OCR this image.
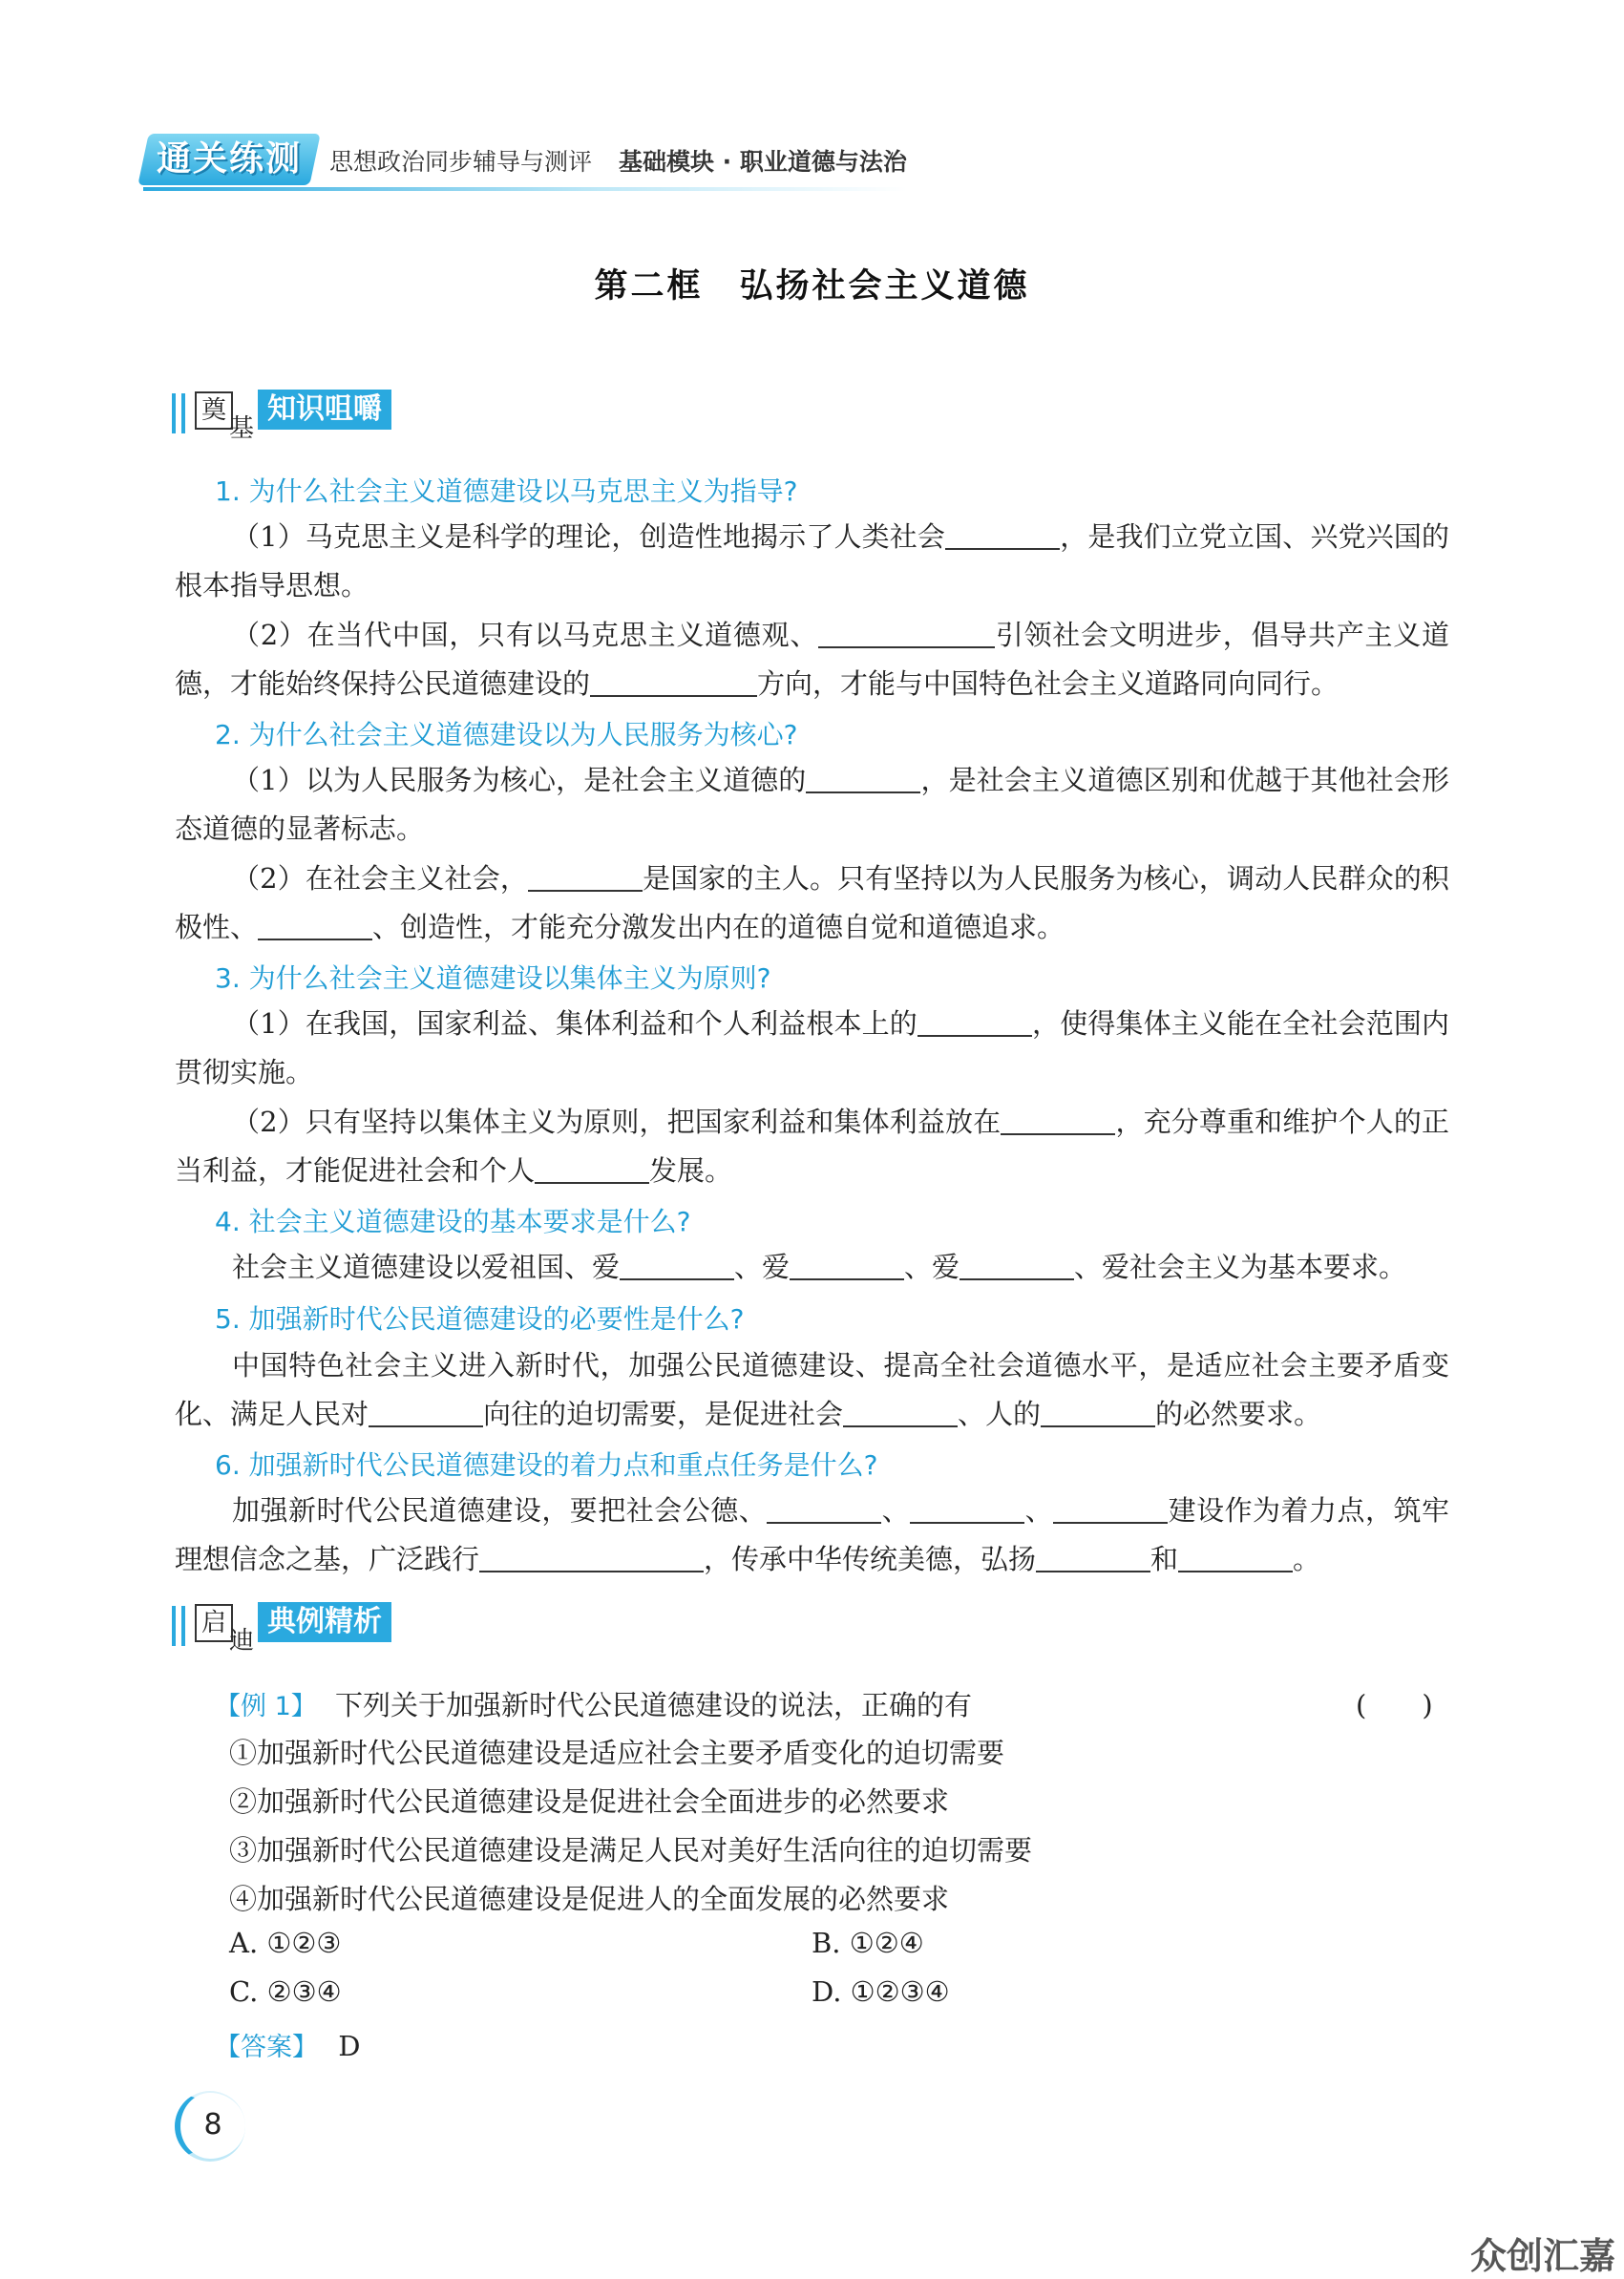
通关练测	思想政治同步辅导与测评 基础模块 · 职业道德与法治
第二框　弘扬社会主义道德
奠
基
知识咀嚼
1. 为什么社会主义道德建设以马克思主义为指导?
（1）马克思主义是科学的理论，创造性地揭示了人类社会	，是我们立党立国、兴党兴国的根本指导思想。
（2）在当代中国，只有以马克思主义道德观、	引领社会文明进步，倡导共产主义道德，才能始终保持公民道德建设的	方向，才能与中国特色社会主义道路同向同行。
2. 为什么社会主义道德建设以为人民服务为核心?
（1）以为人民服务为核心，是社会主义道德的	，是社会主义道德区别和优越于其他社会形态道德的显著标志。
（2）在社会主义社会，	是国家的主人。只有坚持以为人民服务为核心，调动人民群众的积极性、	、创造性，才能充分激发出内在的道德自觉和道德追求。
3. 为什么社会主义道德建设以集体主义为原则?
（1）在我国，国家利益、集体利益和个人利益根本上的	，使得集体主义能在全社会范围内贯彻实施。
（2）只有坚持以集体主义为原则，把国家利益和集体利益放在	，充分尊重和维护个人的正当利益，才能促进社会和个人	发展。
4. 社会主义道德建设的基本要求是什么?
社会主义道德建设以爱祖国、爱	、爱	、爱	、爱社会主义为基本要求。
5. 加强新时代公民道德建设的必要性是什么?
中国特色社会主义进入新时代，加强公民道德建设、提高全社会道德水平，是适应社会主要矛盾变化、满足人民对	向往的迫切需要，是促进社会	、人的	的必然要求。
6. 加强新时代公民道德建设的着力点和重点任务是什么?
加强新时代公民道德建设，要把社会公德、	、	、	建设作为着力点，筑牢理想信念之基，广泛践行	，传承中华传统美德，弘扬	和	。
启
迪
典例精析
【例 1】 下列关于加强新时代公民道德建设的说法，正确的有	(　　)
①加强新时代公民道德建设是适应社会主要矛盾变化的迫切需要
②加强新时代公民道德建设是促进社会全面进步的必然要求
③加强新时代公民道德建设是满足人民对美好生活向往的迫切需要
④加强新时代公民道德建设是促进人的全面发展的必然要求
A. ①②③	B. ①②④
C. ②③④	D. ①②③④
【答案】 D
8
众创汇嘉
